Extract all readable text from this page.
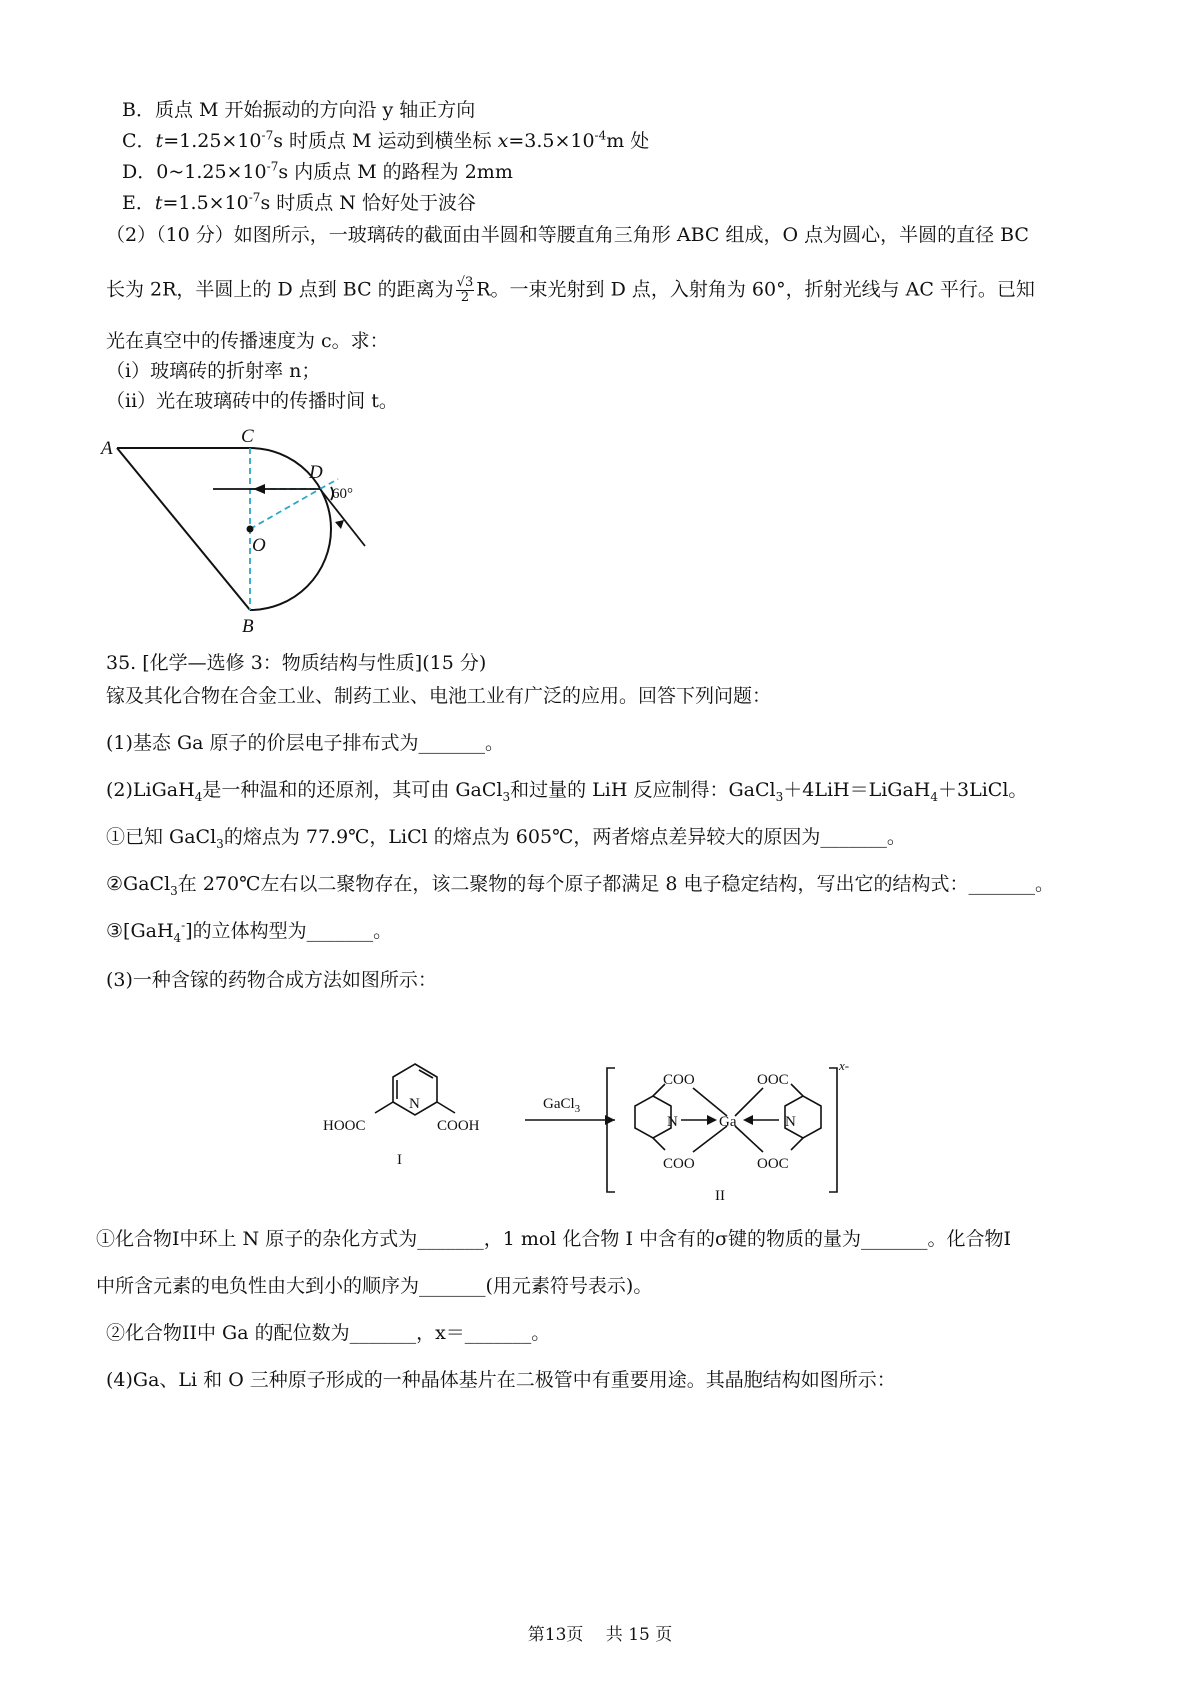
B．质点 M 开始振动的方向沿 y 轴正方向
C．$t=1.25\times 10^{-7}s$ 时质点 M 运动到横坐标 $x=3.5\times 10^{-4}m$ 处
D．$0\sim 1.25\times 10^{-7}s$ 内质点 M 的路程为 2mm
E．$t=1.5\times 10^{-7}s$ 时质点 N 恰好处于波谷
（2）（10 分）如图所示，一玻璃砖的截面由半圆和等腰直角三角形 ABC 组成，O 点为圆心，半圆的直径 BC
长为 2R，半圆上的 D 点到 BC 的距离为 $\frac{√3}{2}$ R。一束光射到 D 点，入射角为 60°，折射光线与 AC 平行。已知
光在真空中的传播速度为 c。求：
（i）玻璃砖的折射率 n；
（ii）光在玻璃砖中的传播时间 t。
A
C
D
O
B
60°
35. [化学—选修 3：物质结构与性质](15 分)
镓及其化合物在合金工业、制药工业、电池工业有广泛的应用。回答下列问题：
(1)基态 Ga 原子的价层电子排布式为_______。
(2)LiGaH$_4$是一种温和的还原剂，其可由 GaCl$_3$和过量的 LiH 反应制得：GaCl$_3$＋4LiH＝LiGaH$_4$＋3LiCl。
①已知 GaCl$_3$的熔点为 77.9℃，LiCl 的熔点为 605℃，两者熔点差异较大的原因为_______。
②GaCl$_3$在 270℃左右以二聚物存在，该二聚物的每个原子都满足 8 电子稳定结构，写出它的结构式：_______。
③[GaH$_4$-]的立体构型为_______。
(3)一种含镓的药物合成方法如图所示：
N
HOOC	COOH
I
GaCl$_3$
N	N
Ga
COO
COO
OOC
OOC
x-
II
①化合物I中环上 N 原子的杂化方式为_______，1 mol 化合物 I 中含有的σ键的物质的量为_______。化合物I
中所含元素的电负性由大到小的顺序为_______(用元素符号表示)。
②化合物II中 Ga 的配位数为_______，x＝_______。
(4)Ga、Li 和 O 三种原子形成的一种晶体基片在二极管中有重要用途。其晶胞结构如图所示：
第13页　 共 15 页
